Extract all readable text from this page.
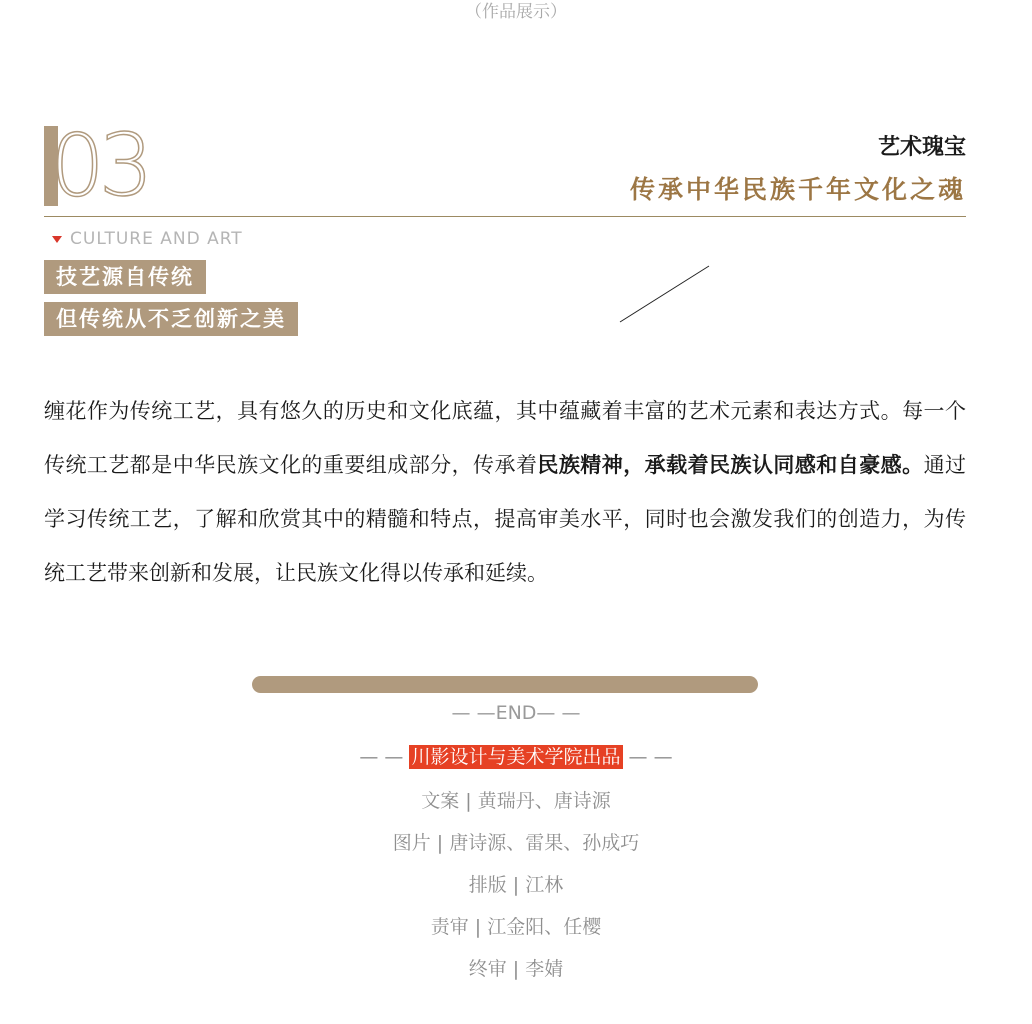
（作品展示）
03	艺术瑰宝
传承中华民族千年文化之魂
CULTURE AND ART
技艺源自传统
但传统从不乏创新之美
缠花作为传统工艺，具有悠久的历史和文化底蕴，其中蕴藏着丰富的艺术元素和表达方式。每一个传统工艺都是中华民族文化的重要组成部分，传承着民族精神，承载着民族认同感和自豪感。通过学习传统工艺，了解和欣赏其中的精髓和特点，提高审美水平，同时也会激发我们的创造力，为传统工艺带来创新和发展，让民族文化得以传承和延续。
— —END— —
— — 川影设计与美术学院出品 — —
文案 | 黄瑞丹、唐诗源
图片 | 唐诗源、雷果、孙成巧
排版 | 江林
责审 | 江金阳、任樱
终审 | 李婧
